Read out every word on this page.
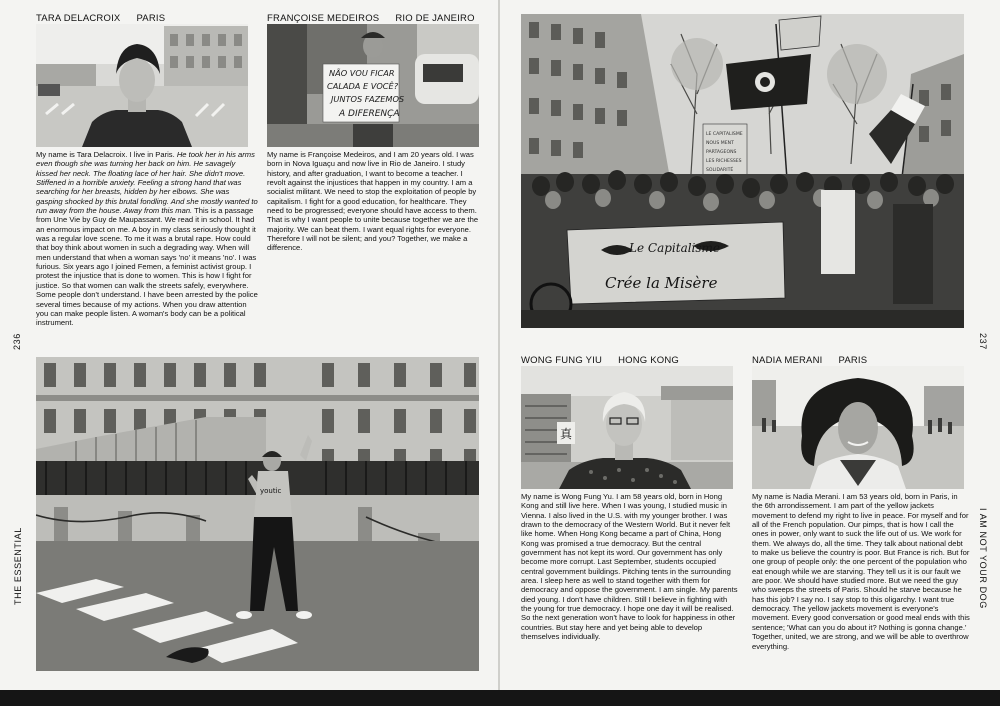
TARA DELACROIX PARIS	FRANÇOISE MEDEIROS RIO DE JANEIRO
NÃO VOU FICAR
CALADA E VOCÊ?
JUNTOS FAZEMOS
A DIFERENÇA
My name is Tara Delacroix. I live in Paris. He took her in his arms even though she was turning her back on him. He savagely kissed her neck. The floating lace of her hair. She didn't move. Stiffened in a horrible anxiety. Feeling a strong hand that was searching for her breasts, hidden by her elbows. She was gasping shocked by this brutal fondling. And she mostly wanted to run away from the house. Away from this man. This is a passage from Une Vie by Guy de Maupassant. We read it in school. It had an enormous impact on me. A boy in my class seriously thought it was a regular love scene. To me it was a brutal rape. How could that boy think about women in such a degrading way. When will men understand that when a woman says 'no' it means 'no'. I was furious. Six years ago I joined Femen, a feminist activist group. I protest the injustice that is done to women. This is how I fight for justice. So that women can walk the streets safely, everywhere. Some people don't understand. I have been arrested by the police several times because of my actions. When you draw attention you can make people listen. A woman's body can be a political instrument.
My name is Françoise Medeiros, and I am 20 years old. I was born in Nova Iguaçu and now live in Rio de Janeiro. I study history, and after graduation, I want to become a teacher. I revolt against the injustices that happen in my country. I am a socialist militant. We need to stop the exploitation of people by capitalism. I fight for a good education, for healthcare. They need to be progressed; everyone should have access to them. That is why I want people to unite because together we are the majority. We can beat them. I want equal rights for everyone. Therefore I will not be silent; and you? Together, we make a difference.
youtic
236
THE ESSENTIAL
LE CAPITALISME
NOUS MENT
PARTAGEONS
LES RICHESSES
SOLIDARITÉ
Le Capitalisme
Crée la Misère
WONG FUNG YIU HONG KONG	NADIA MERANI PARIS
真
My name is Wong Fung Yu. I am 58 years old, born in Hong Kong and still live here. When I was young, I studied music in Vienna. I also lived in the U.S. with my younger brother. I was drawn to the democracy of the Western World. But it never felt like home. When Hong Kong became a part of China, Hong Kong was promised a true democracy. But the central government has not kept its word. Our government has only become more corrupt. Last September, students occupied central government buildings. Pitching tents in the surrounding area. I sleep here as well to stand together with them for democracy and oppose the government. I am single. My parents died young. I don't have children. Still I believe in fighting with the young for true democracy. I hope one day it will be realised. So the next generation won't have to look for happiness in other countries. But stay here and yet being able to develop themselves individually.
My name is Nadia Merani. I am 53 years old, born in Paris, in the 6th arrondissement. I am part of the yellow jackets movement to defend my right to live in peace. For myself and for all of the French population. Our pimps, that is how I call the ones in power, only want to suck the life out of us. We work for them. We always do, all the time. They talk about national debt to make us believe the country is poor. But France is rich. But for one group of people only: the one percent of the population who eat enough while we are starving. They tell us it is our fault we are poor. We should have studied more. But we need the guy who sweeps the streets of Paris. Should he starve because he has this job? I say no. I say stop to this oligarchy. I want true democracy. The yellow jackets movement is everyone's movement. Every good conversation or good meal ends with this sentence; 'What can you do about it? Nothing is gonna change.' Together, united, we are strong, and we will be able to overthrow everything.
237
I AM NOT YOUR DOG
